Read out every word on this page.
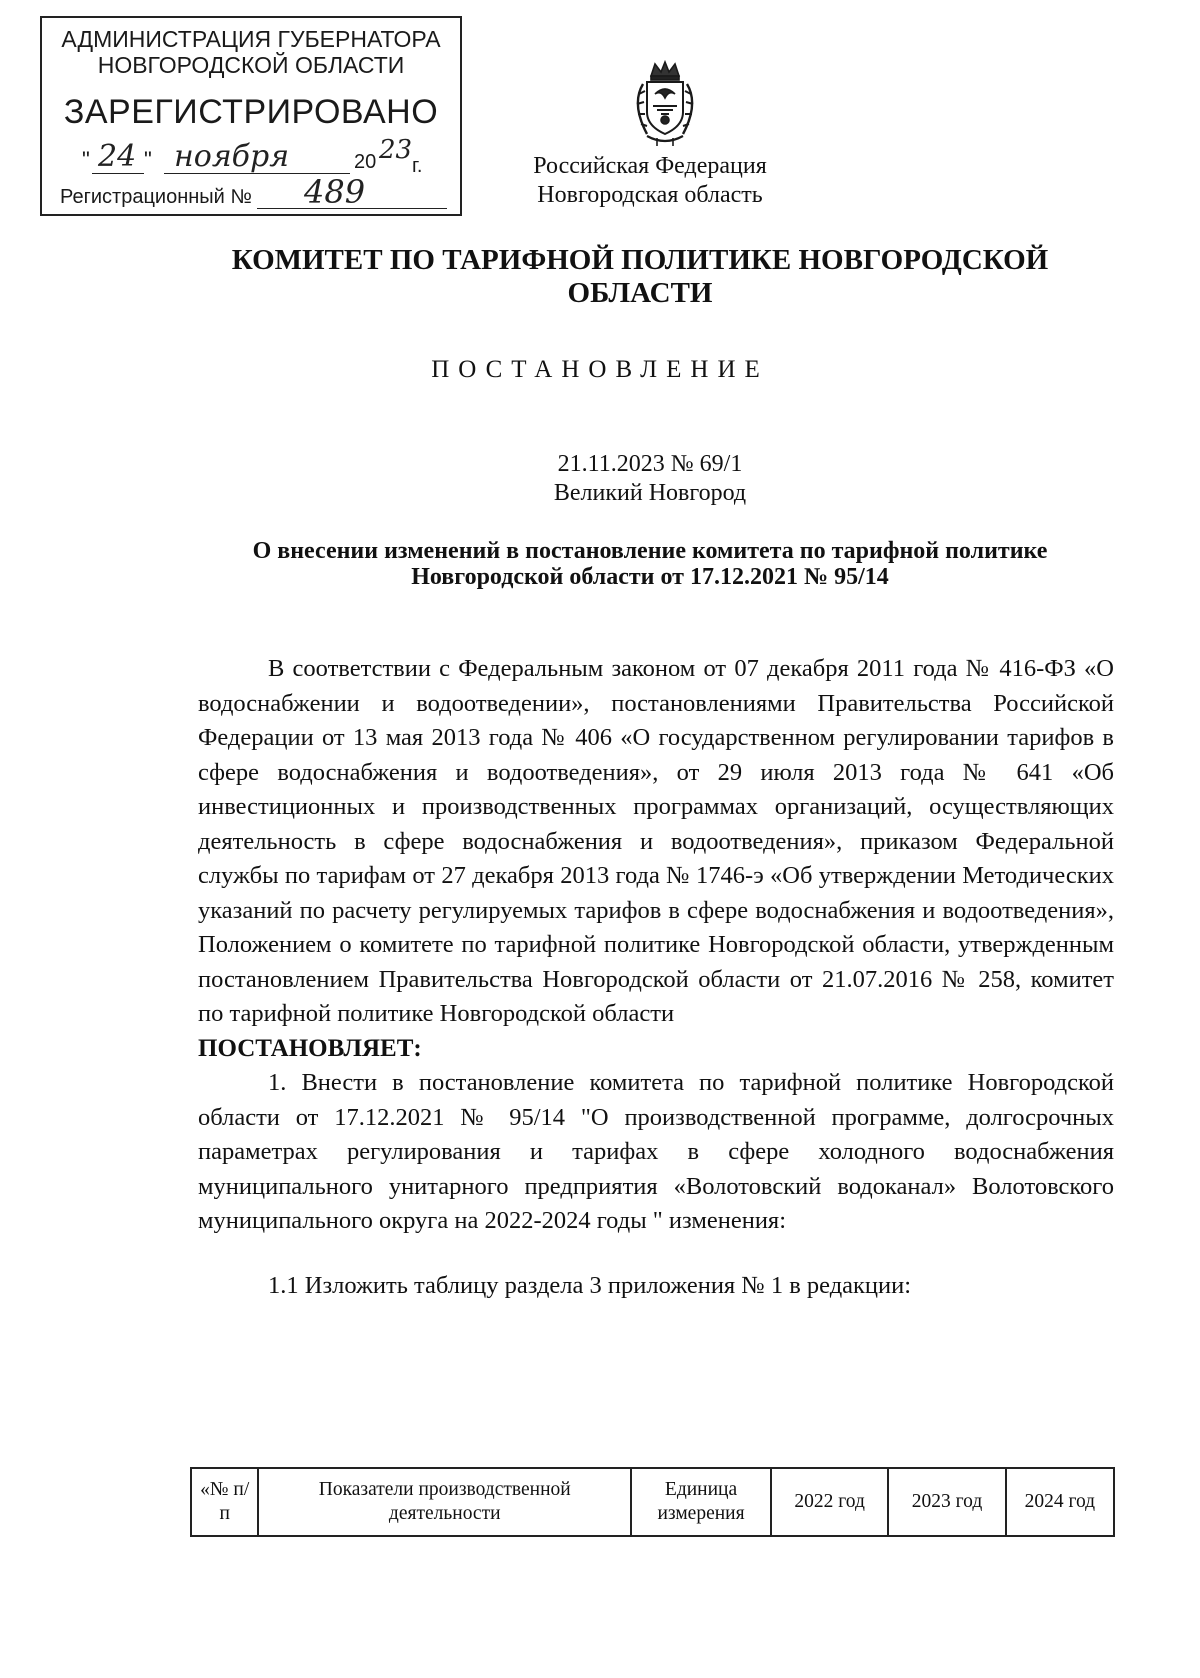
АДМИНИСТРАЦИЯ ГУБЕРНАТОРА
НОВГОРОДСКОЙ ОБЛАСТИ
ЗАРЕГИСТРИРОВАНО
" 24 " ноября	20 23
г.
Регистрационный № 489
Российская Федерация
Новгородская область
КОМИТЕТ ПО ТАРИФНОЙ ПОЛИТИКЕ НОВГОРОДСКОЙ ОБЛАСТИ
ПОСТАНОВЛЕНИЕ
21.11.2023 № 69/1
Великий Новгород
О внесении изменений в постановление комитета по тарифной политике Новгородской области от 17.12.2021 № 95/14

В соответствии с Федеральным законом от 07 декабря 2011 года № 416-ФЗ «О водоснабжении и водоотведении», постановлениями Правительства Российской Федерации от 13 мая 2013 года № 406 «О государственном регулировании тарифов в сфере водоснабжения и водоотведения», от 29 июля 2013 года № 641 «Об инвестиционных и производственных программах организаций, осуществляющих деятельность в сфере водоснабжения и водоотведения», приказом Федеральной службы по тарифам от 27 декабря 2013 года № 1746-э «Об утверждении Методических указаний по расчету регулируемых тарифов в сфере водоснабжения и водоотведения», Положением о комитете по тарифной политике Новгородской области, утвержденным постановлением Правительства Новгородской области от 21.07.2016 № 258, комитет по тарифной политике Новгородской области

ПОСТАНОВЛЯЕТ:

1. Внести в постановление комитета по тарифной политике Новгородской области от 17.12.2021 № 95/14 "О производственной программе, долгосрочных параметрах регулирования и тарифах в сфере холодного водоснабжения муниципального унитарного предприятия «Волотовский водоканал» Волотовского муниципального округа на 2022-2024 годы " изменения:

1.1 Изложить таблицу раздела 3 приложения № 1 в редакции:

«№ п/п	Показатели производственной деятельности	Единица измерения	2022 год	2023 год	2024 год
